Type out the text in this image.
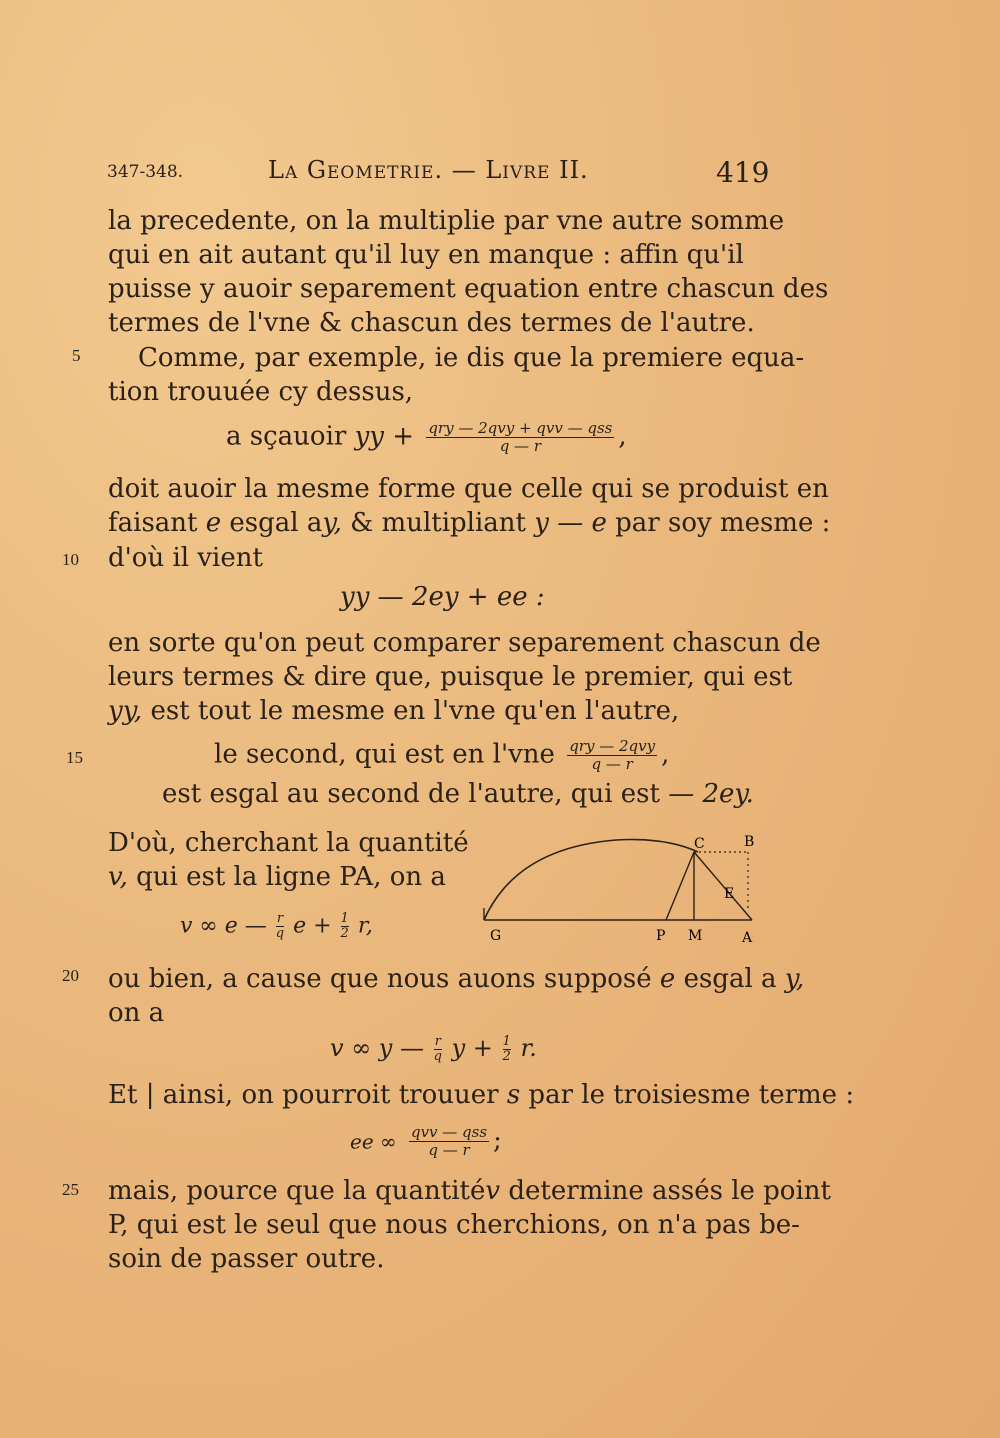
347-348.	La Geometrie. — Livre II.	419
5
10
15
20
25
la precedente, on la multiplie par vne autre somme
qui en ait autant qu'il luy en manque : affin qu'il
puisse y auoir separement equation entre chascun des
termes de l'vne & chascun des termes de l'autre.
Comme, par exemple, ie dis que la premiere equa-
tion trouuée cy dessus,
a sçauoir yy + $\frac{\text{qry — 2qvy + qvv — qss}}{q — r}$ ,
doit auoir la mesme forme que celle qui se produist en
faisant e esgal ay, & multipliant y — e par soy mesme :
d'où il vient
yy — 2ey + ee :
en sorte qu'on peut comparer separement chascun de
leurs termes & dire que, puisque le premier, qui est
yy, est tout le mesme en l'vne qu'en l'autre,
le second, qui est en $l'vne \frac{\text{qry — 2qvy}}{q — r}$ ,
est esgal au second de l'autre, qui est — 2ey.
D'où, cherchant la quantité
v, qui est la ligne PA, on a
v ∞ e — $\frac{r}{q}$ $e + \frac{1}{2} r$,
C	B
E
G	P M	A
ou bien, a cause que nous auons supposé e esgal a y,
on a
v ∞ y — $\frac{r}{q}$ $y + \frac{1}{2} r$.
Et | ainsi, on pourroit trouuer s par le troisiesme terme :
ee ∞ $\frac{\text{qvv — qss}}{q — r}$ ;
mais, pource que la quantitév determine assés le point
P, qui est le seul que nous cherchions, on n'a pas be-
soin de passer outre.
